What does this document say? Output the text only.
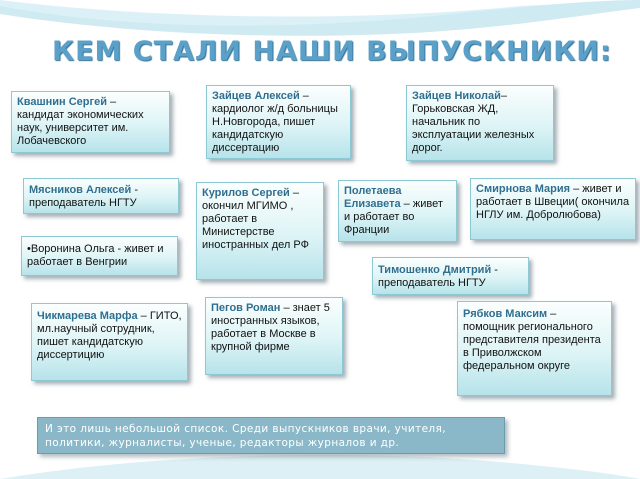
КЕМ СТАЛИ НАШИ ВЫПУСКНИКИ:
Квашнин Сергей – кандидат экономических наук, университет им. Лобачевского
Зайцев Алексей – кардиолог ж/д больницы Н.Новгорода, пишет кандидатскую диссертацию
Зайцев Николай– Горьковская ЖД, начальник по эксплуатации железных дорог.
Мясников Алексей - преподаватель НГТУ
Курилов Сергей – окончил МГИМО , работает в Министерстве иностранных дел РФ
Полетаева Елизавета – живет и работает во Франции
Смирнова Мария – живет и работает в Швеции( окончила НГЛУ им. Добролюбова)
•Воронина Ольга - живет и работает в Венгрии
Тимошенко Дмитрий - преподаватель НГТУ
Чикмарева Марфа – ГИТО, мл.научный сотрудник, пишет кандидатскую диссертицию
Пегов Роман – знает 5 иностранных языков, работает в Москве в крупной фирме
Рябков Максим – помощник регионального представителя президента в Приволжском федеральном округе
И это лишь небольшой список. Среди выпускников врачи, учителя, политики, журналисты, ученые, редакторы журналов и др.
